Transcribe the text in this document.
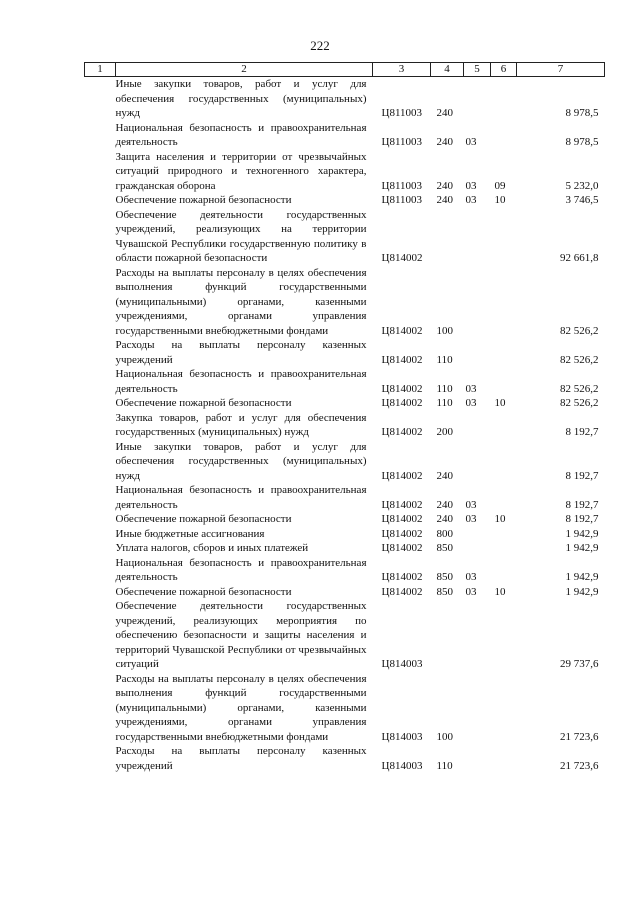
222
1	2	3	4	5	6	7
	Иные закупки товаров, работ и услуг для обеспечения государственных (муниципальных) нужд	Ц811003	240			8 978,5
	Национальная безопасность и правоохранительная деятельность	Ц811003	240	03		8 978,5
	Защита населения и территории от чрезвычайных ситуаций природного и техногенного характера, гражданская оборона	Ц811003	240	03	09	5 232,0
	Обеспечение пожарной безопасности	Ц811003	240	03	10	3 746,5
	Обеспечение деятельности государственных учреждений, реализующих на территории Чувашской Республики государственную политику в области пожарной безопасности	Ц814002				92 661,8
	Расходы на выплаты персоналу в целях обеспечения выполнения функций государственными (муниципальными) органами, казенными учреждениями, органами управления государственными внебюджетными фондами	Ц814002	100			82 526,2
	Расходы на выплаты персоналу казенных учреждений	Ц814002	110			82 526,2
	Национальная безопасность и правоохранительная деятельность	Ц814002	110	03		82 526,2
	Обеспечение пожарной безопасности	Ц814002	110	03	10	82 526,2
	Закупка товаров, работ и услуг для обеспечения государственных (муниципальных) нужд	Ц814002	200			8 192,7
	Иные закупки товаров, работ и услуг для обеспечения государственных (муниципальных) нужд	Ц814002	240			8 192,7
	Национальная безопасность и правоохранительная деятельность	Ц814002	240	03		8 192,7
	Обеспечение пожарной безопасности	Ц814002	240	03	10	8 192,7
	Иные бюджетные ассигнования	Ц814002	800			1 942,9
	Уплата налогов, сборов и иных платежей	Ц814002	850			1 942,9
	Национальная безопасность и правоохранительная деятельность	Ц814002	850	03		1 942,9
	Обеспечение пожарной безопасности	Ц814002	850	03	10	1 942,9
	Обеспечение деятельности государственных учреждений, реализующих мероприятия по обеспечению безопасности и защиты населения и территорий Чувашской Республики от чрезвычайных ситуаций	Ц814003				29 737,6
	Расходы на выплаты персоналу в целях обеспечения выполнения функций государственными (муниципальными) органами, казенными учреждениями, органами управления государственными внебюджетными фондами	Ц814003	100			21 723,6
	Расходы на выплаты персоналу казенных учреждений	Ц814003	110			21 723,6
